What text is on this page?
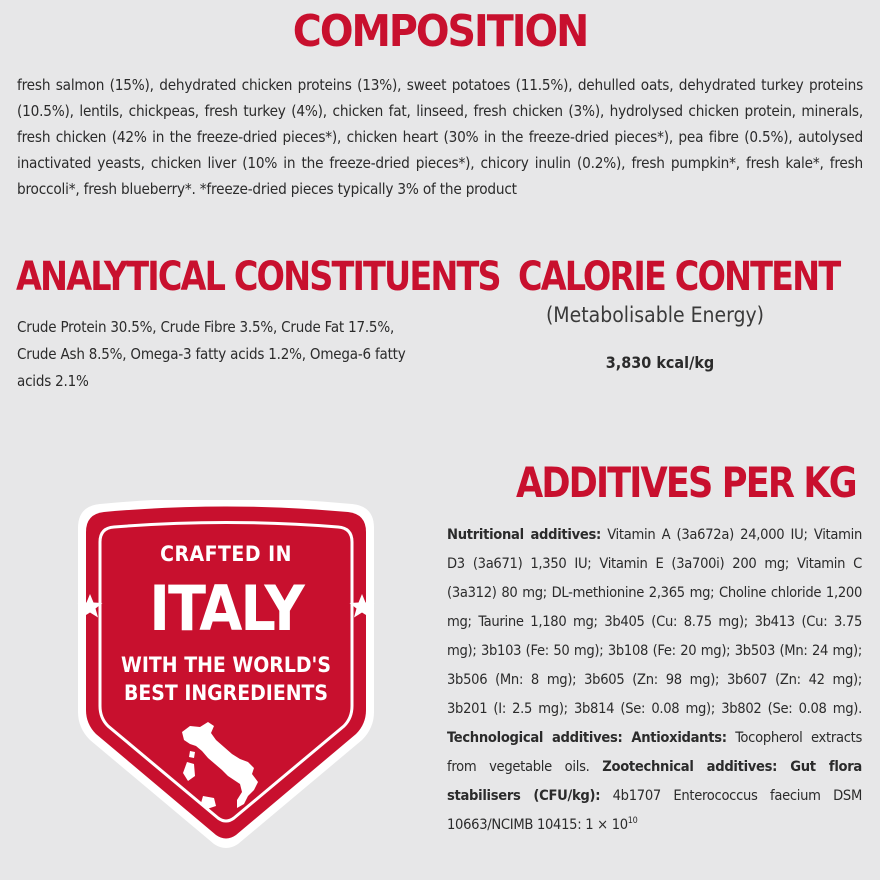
COMPOSITION

fresh salmon (15%), dehydrated chicken proteins (13%), sweet potatoes (11.5%), dehulled oats, dehydrated turkey proteins (10.5%), lentils, chickpeas, fresh turkey (4%), chicken fat, linseed, fresh chicken (3%), hydrolysed chicken protein, minerals, fresh chicken (42% in the freeze-dried pieces*), chicken heart (30% in the freeze-dried pieces*), pea fibre (0.5%), autolysed inactivated yeasts, chicken liver (10% in the freeze-dried pieces*), chicory inulin (0.2%), fresh pumpkin*, fresh kale*, fresh broccoli*, fresh blueberry*. *freeze-dried pieces typically 3% of the product

ANALYTICAL CONSTITUENTS

Crude Protein 30.5%, Crude Fibre 3.5%, Crude Fat 17.5%, Crude Ash 8.5%, Omega-3 fatty acids 1.2%, Omega-6 fatty acids 2.1%

CALORIE CONTENT

(Metabolisable Energy)

3,830 kcal/kg

ADDITIVES PER KG

Nutritional additives: Vitamin A (3a672a) 24,000 IU; Vitamin D3 (3a671) 1,350 IU; Vitamin E (3a700i) 200 mg; Vitamin C (3a312) 80 mg; DL-methionine 2,365 mg; Choline chloride 1,200 mg; Taurine 1,180 mg; 3b405 (Cu: 8.75 mg); 3b413 (Cu: 3.75 mg); 3b103 (Fe: 50 mg); 3b108 (Fe: 20 mg); 3b503 (Mn: 24 mg); 3b506 (Mn: 8 mg); 3b605 (Zn: 98 mg); 3b607 (Zn: 42 mg); 3b201 (I: 2.5 mg); 3b814 (Se: 0.08 mg); 3b802 (Se: 0.08 mg). Technological additives: Antioxidants: Tocopherol extracts from vegetable oils. Zootechnical additives: Gut flora stabilisers (CFU/kg): 4b1707 Enterococcus faecium DSM 10663/NCIMB 10415: $1 \times 10^{10}$

CRAFTED IN
ITALY
WITH THE WORLD'S
BEST INGREDIENTS
